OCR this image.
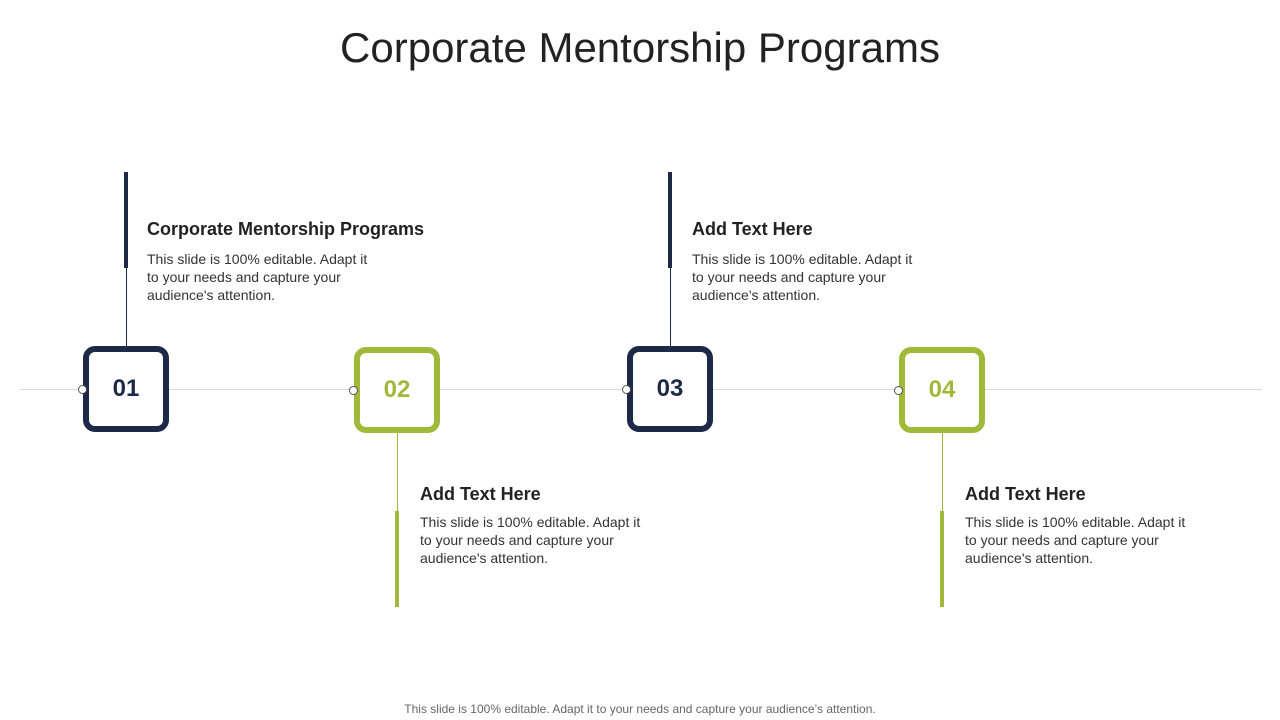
Corporate Mentorship Programs
Corporate Mentorship Programs
This slide is 100% editable. Adapt it to your needs and capture your audience's attention.
01	02
Add Text Here
This slide is 100% editable. Adapt it to your needs and capture your audience's attention.
Add Text Here
This slide is 100% editable. Adapt it to your needs and capture your audience's attention.
03	04
Add Text Here
This slide is 100% editable. Adapt it to your needs and capture your audience's attention.
This slide is 100% editable. Adapt it to your needs and capture your audience’s attention.
